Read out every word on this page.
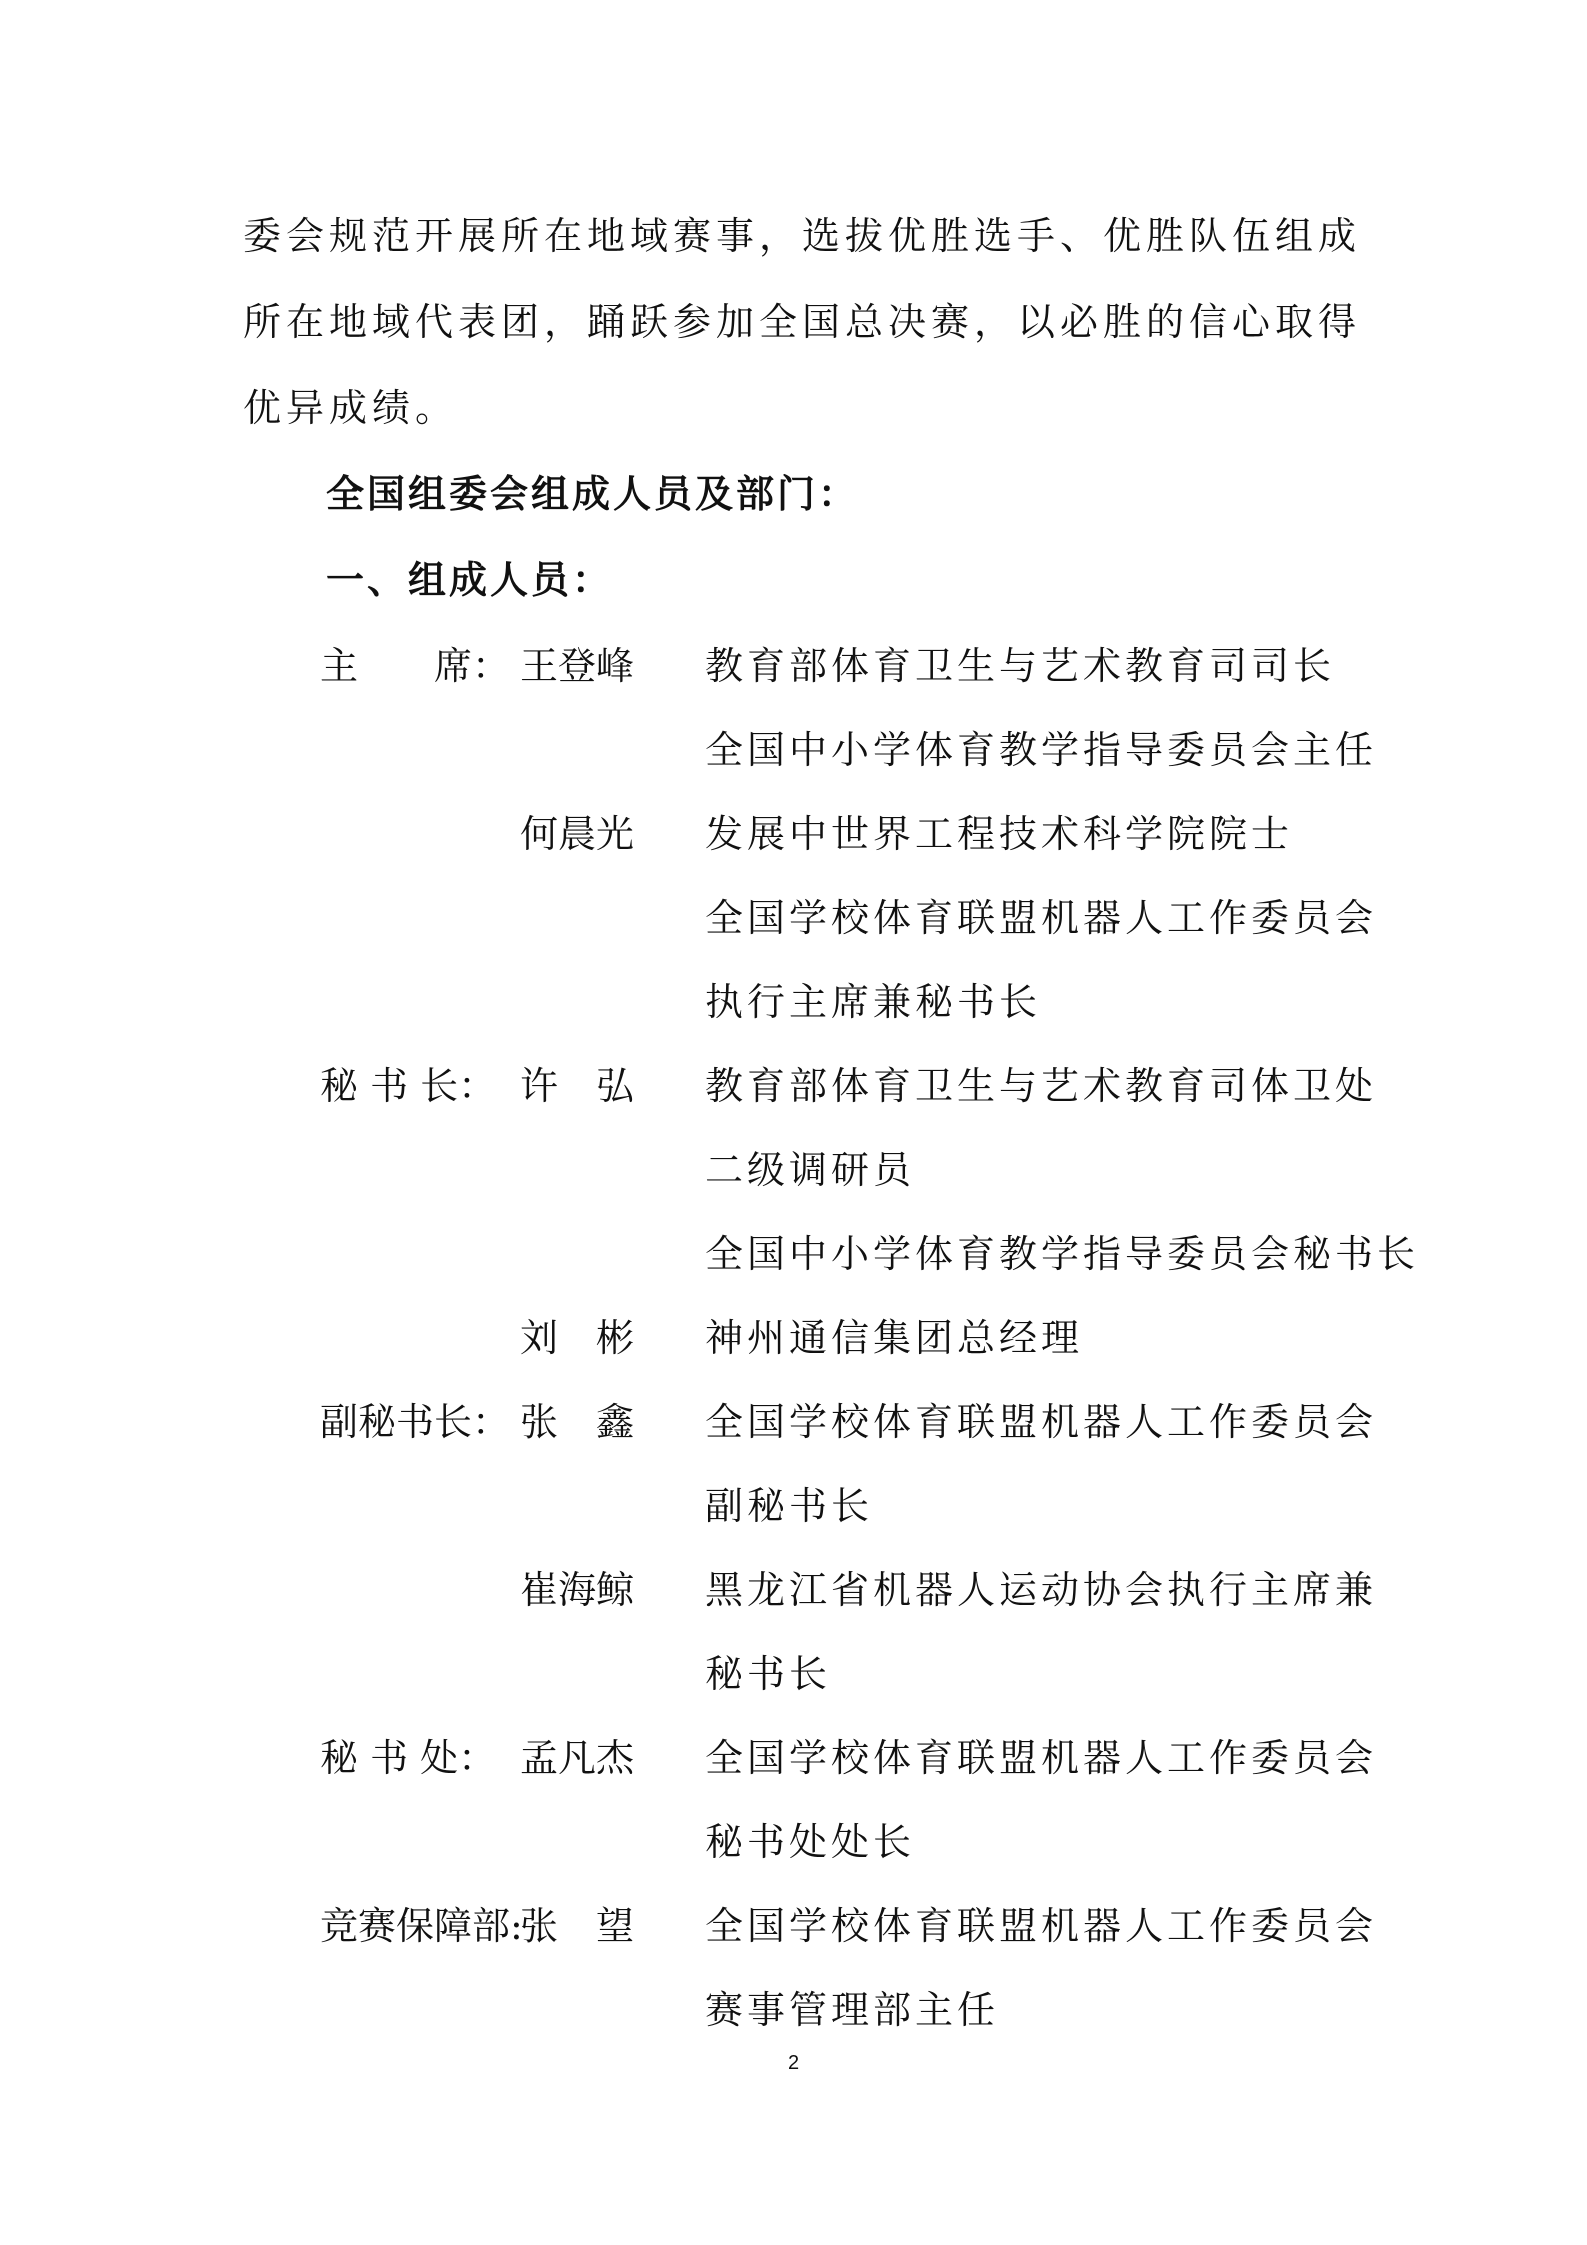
委会规范开展所在地域赛事，选拔优胜选手、优胜队伍组成
所在地域代表团，踊跃参加全国总决赛，以必胜的信心取得
优异成绩。
全国组委会组成人员及部门：
一、组成人员：
主　　席： 王登峰 教育部体育卫生与艺术教育司司长
全国中小学体育教学指导委员会主任
何晨光 发展中世界工程技术科学院院士
全国学校体育联盟机器人工作委员会
执行主席兼秘书长
秘 书 长： 许　弘 教育部体育卫生与艺术教育司体卫处
二级调研员
全国中小学体育教学指导委员会秘书长
刘　彬 神州通信集团总经理
副秘书长： 张　鑫 全国学校体育联盟机器人工作委员会
副秘书长
崔海鲸 黑龙江省机器人运动协会执行主席兼
秘书长
秘 书 处： 孟凡杰 全国学校体育联盟机器人工作委员会
秘书处处长
竞赛保障部:
张　望 全国学校体育联盟机器人工作委员会
赛事管理部主任
2
